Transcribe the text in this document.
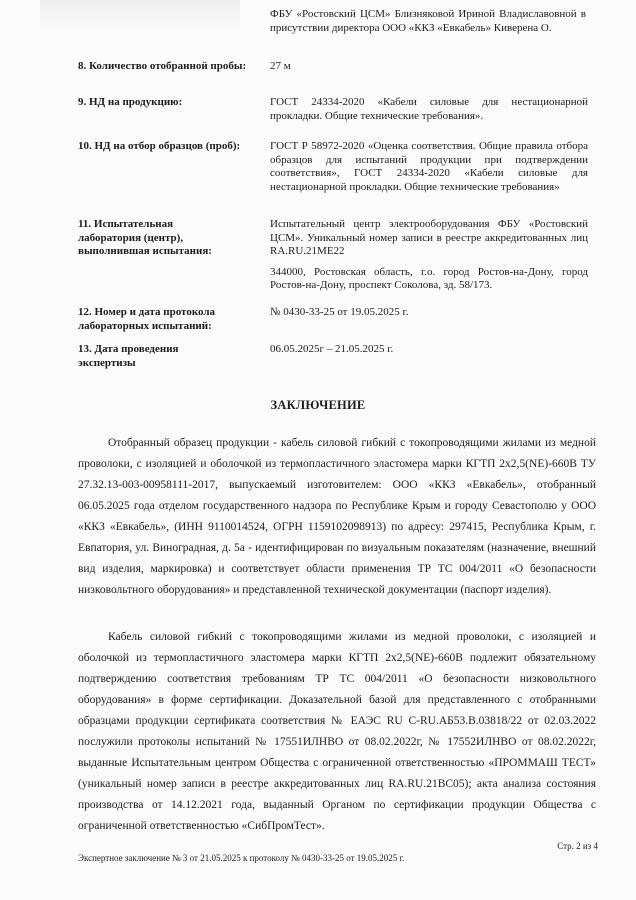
ФБУ «Ростовский ЦСМ» Близняковой Ириной Владиславовной в присутствии директора ООО «ККЗ «Евкабель» Киверена О.
8. Количество отобранной пробы: 27 м
9. НД на продукцию:	ГОСТ 24334-2020 «Кабели силовые для нестационарной прокладки. Общие технические требования».
10. НД на отбор образцов (проб):	ГОСТ Р 58972-2020 «Оценка соответствия. Общие правила отбора образцов для испытаний продукции при подтверждении соответствия», ГОСТ 24334-2020 «Кабели силовые для нестационарной прокладки. Общие технические требования»
11. Испытательная лаборатория (центр), выполнившая испытания:

Испытательный центр электрооборудования ФБУ «Ростовский ЦСМ». Уникальный номер записи в реестре аккредитованных лиц RA.RU.21МЕ22

344000, Ростовская область, г.о. город Ростов-на-Дону, город Ростов-на-Дону, проспект Соколова, зд. 58/173.

12. Номер и дата протокола лабораторных испытаний:
№ 0430-33-25 от 19.05.2025 г.
13. Дата проведения экспертизы
06.05.2025г – 21.05.2025 г.
ЗАКЛЮЧЕНИЕ

Отобранный образец продукции - кабель силовой гибкий с токопроводящими жилами из медной проволоки, с изоляцией и оболочкой из термопластичного эластомера марки КГТП 2х2,5(NE)-660В ТУ 27.32.13-003-00958111-2017, выпускаемый изготовителем: ООО «ККЗ «Евкабель», отобранный 06.05.2025 года отделом государственного надзора по Республике Крым и городу Севастополю у ООО «ККЗ «Евкабель», (ИНН 9110014524, ОГРН 1159102098913) по адресу: 297415, Республика Крым, г. Евпатория, ул. Виноградная, д. 5а - идентифицирован по визуальным показателям (назначение, внешний вид изделия, маркировка) и соответствует области применения ТР ТС 004/2011 «О безопасности низковольтного оборудования» и представленной технической документации (паспорт изделия).

Кабель силовой гибкий с токопроводящими жилами из медной проволоки, с изоляцией и оболочкой из термопластичного эластомера марки КГТП 2х2,5(NE)-660В подлежит обязательному подтверждению соответствия требованиям ТР ТС 004/2011 «О безопасности низковольтного оборудования» в форме сертификации. Доказательной базой для представленного с отобранными образцами продукции сертификата соответствия № ЕАЭС RU С-RU.АБ53.В.03818/22 от 02.03.2022 послужили протоколы испытаний № 17551ИЛНВО от 08.02.2022г, № 17552ИЛНВО от 08.02.2022г, выданные Испытательным центром Общества с ограниченной ответственностью «ПРОММАШ ТЕСТ» (уникальный номер записи в реестре аккредитованных лиц RA.RU.21ВС05); акта анализа состояния производства от 14.12.2021 года, выданный Органом по сертификации продукции Общества с ограниченной ответственностью «СибПромТест».

Стр. 2 из 4
Экспертное заключение № 3 от 21.05.2025 к протоколу № 0430-33-25 от 19.05.2025 г.
